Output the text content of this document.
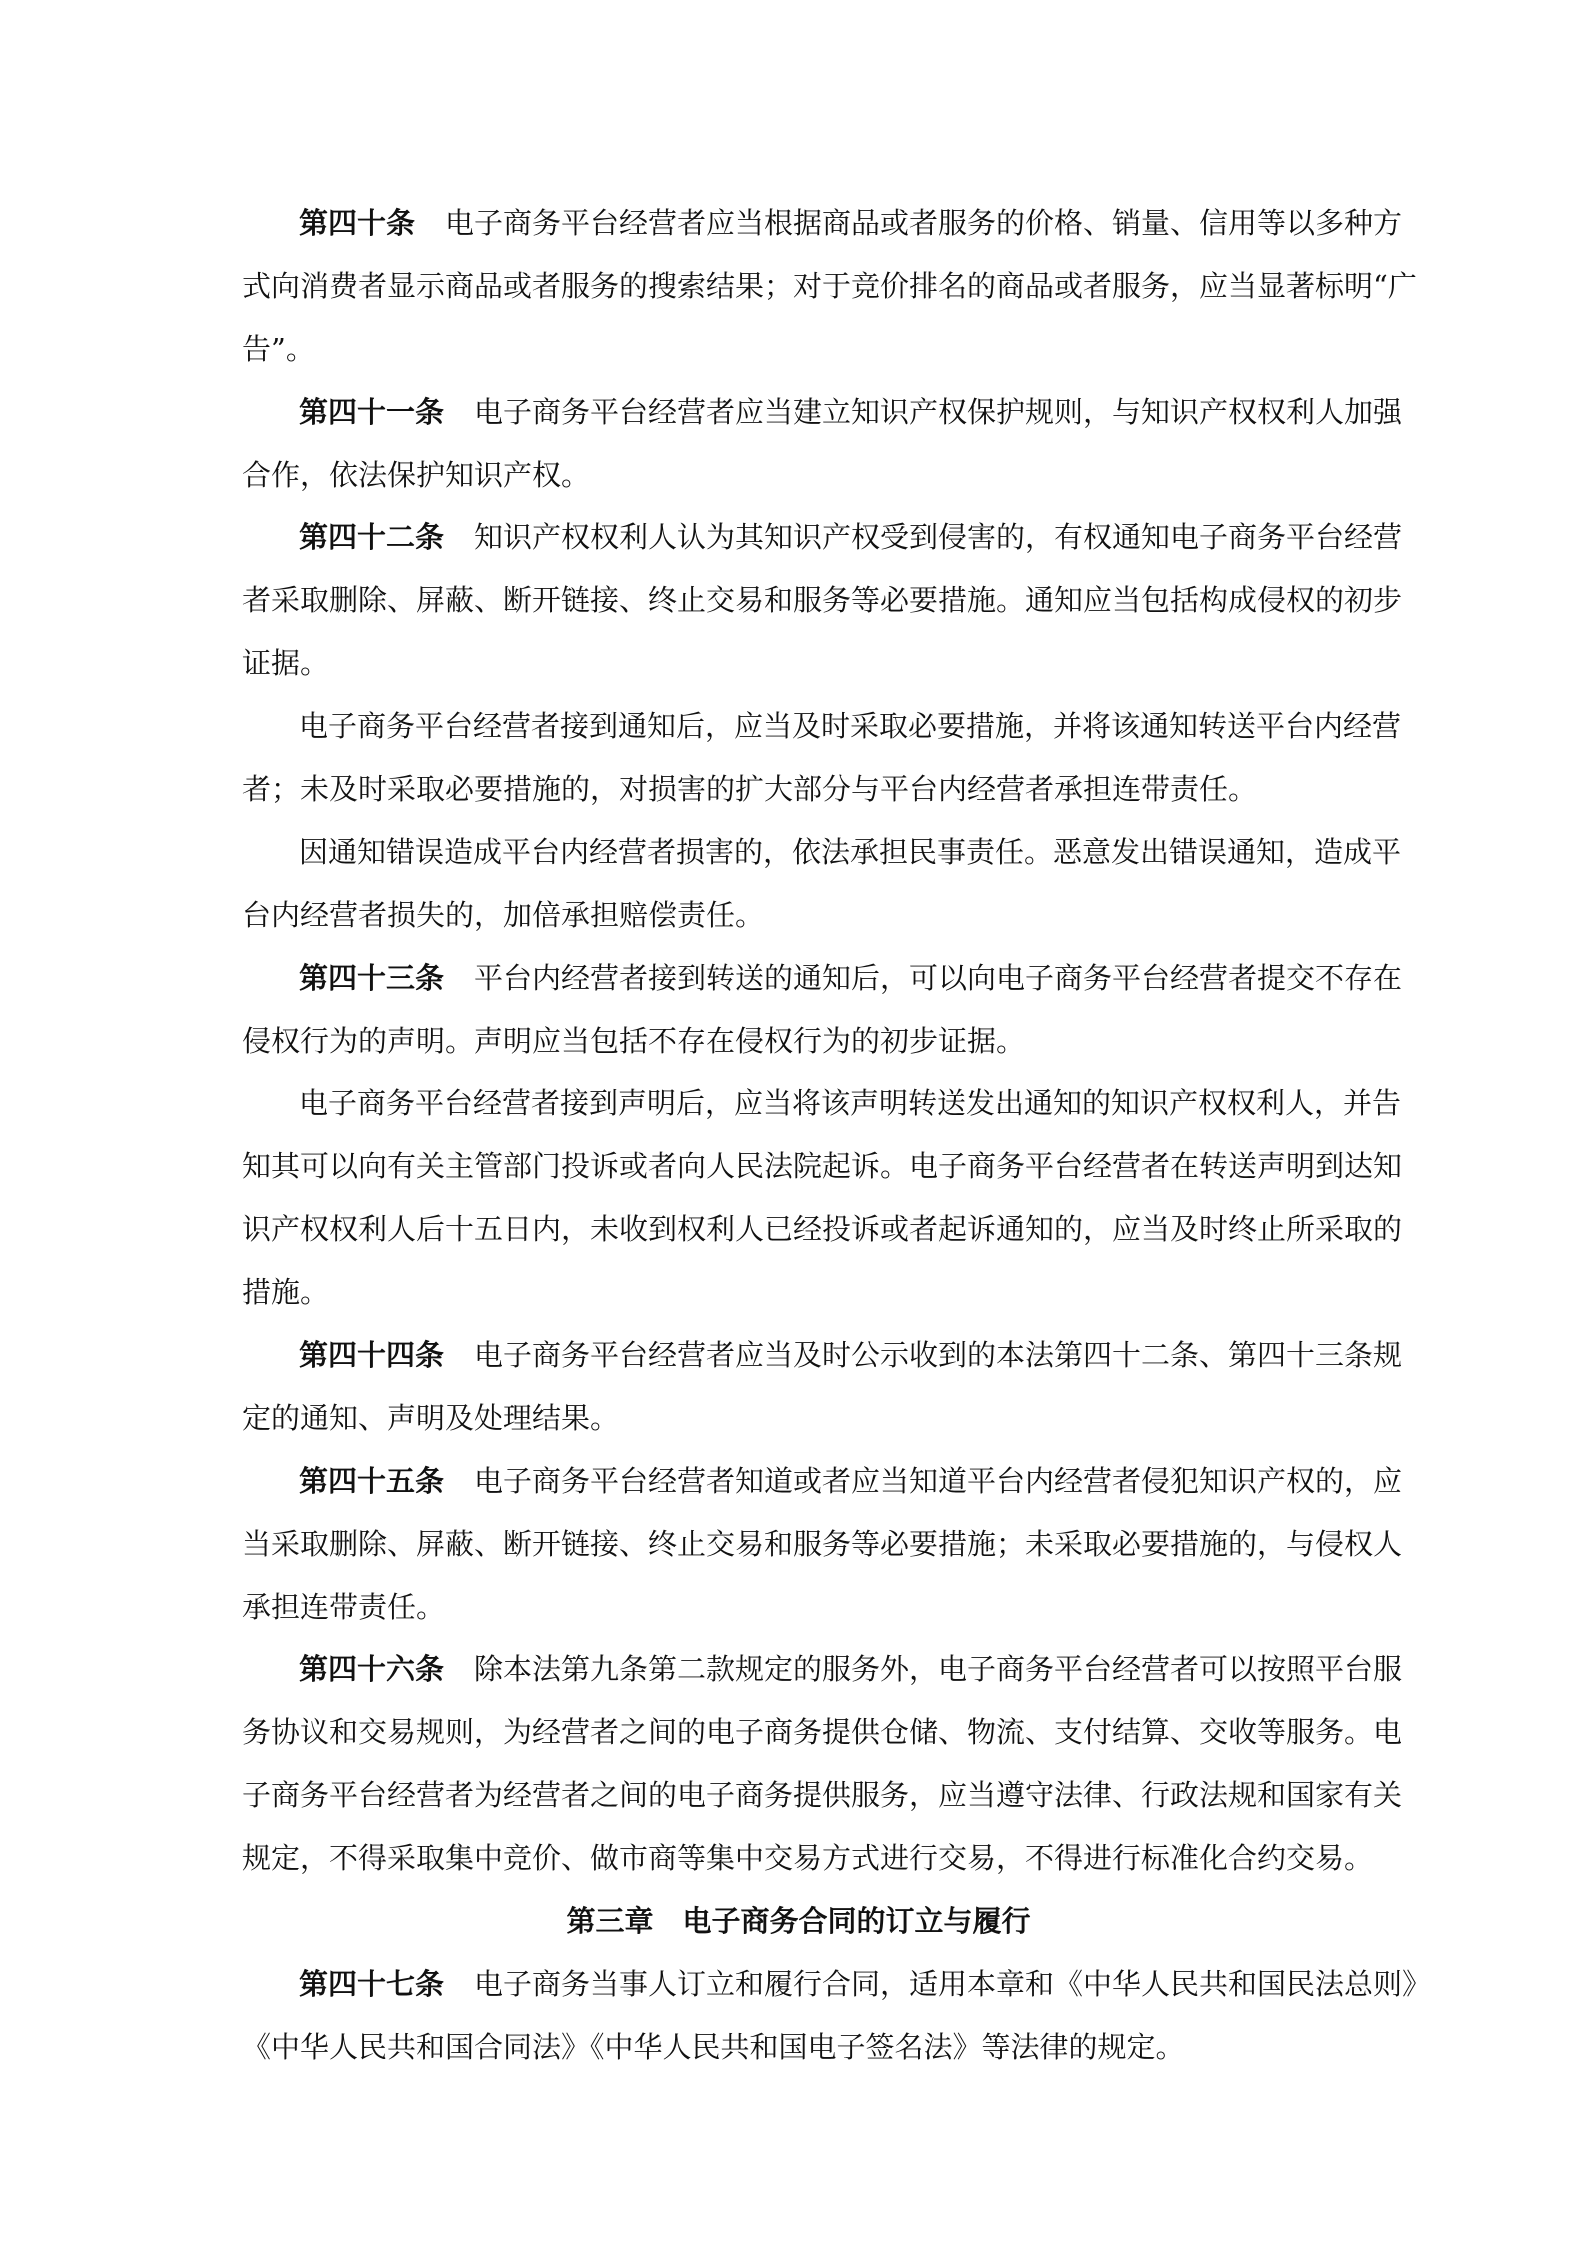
第四十条 电子商务平台经营者应当根据商品或者服务的价格、销量、信用等以多种方
式向消费者显示商品或者服务的搜索结果；对于竞价排名的商品或者服务，应当显著标明“广
告”。
第四十一条 电子商务平台经营者应当建立知识产权保护规则，与知识产权权利人加强
合作，依法保护知识产权。
第四十二条 知识产权权利人认为其知识产权受到侵害的，有权通知电子商务平台经营
者采取删除、屏蔽、断开链接、终止交易和服务等必要措施。通知应当包括构成侵权的初步
证据。
电子商务平台经营者接到通知后，应当及时采取必要措施，并将该通知转送平台内经营
者；未及时采取必要措施的，对损害的扩大部分与平台内经营者承担连带责任。
因通知错误造成平台内经营者损害的，依法承担民事责任。恶意发出错误通知，造成平
台内经营者损失的，加倍承担赔偿责任。
第四十三条 平台内经营者接到转送的通知后，可以向电子商务平台经营者提交不存在
侵权行为的声明。声明应当包括不存在侵权行为的初步证据。
电子商务平台经营者接到声明后，应当将该声明转送发出通知的知识产权权利人，并告
知其可以向有关主管部门投诉或者向人民法院起诉。电子商务平台经营者在转送声明到达知
识产权权利人后十五日内，未收到权利人已经投诉或者起诉通知的，应当及时终止所采取的
措施。
第四十四条 电子商务平台经营者应当及时公示收到的本法第四十二条、第四十三条规
定的通知、声明及处理结果。
第四十五条 电子商务平台经营者知道或者应当知道平台内经营者侵犯知识产权的，应
当采取删除、屏蔽、断开链接、终止交易和服务等必要措施；未采取必要措施的，与侵权人
承担连带责任。
第四十六条 除本法第九条第二款规定的服务外，电子商务平台经营者可以按照平台服
务协议和交易规则，为经营者之间的电子商务提供仓储、物流、支付结算、交收等服务。电
子商务平台经营者为经营者之间的电子商务提供服务，应当遵守法律、行政法规和国家有关
规定，不得采取集中竞价、做市商等集中交易方式进行交易，不得进行标准化合约交易。
第三章　电子商务合同的订立与履行
第四十七条 电子商务当事人订立和履行合同，适用本章和《中华人民共和国民法总则》
《中华人民共和国合同法》《中华人民共和国电子签名法》等法律的规定。
